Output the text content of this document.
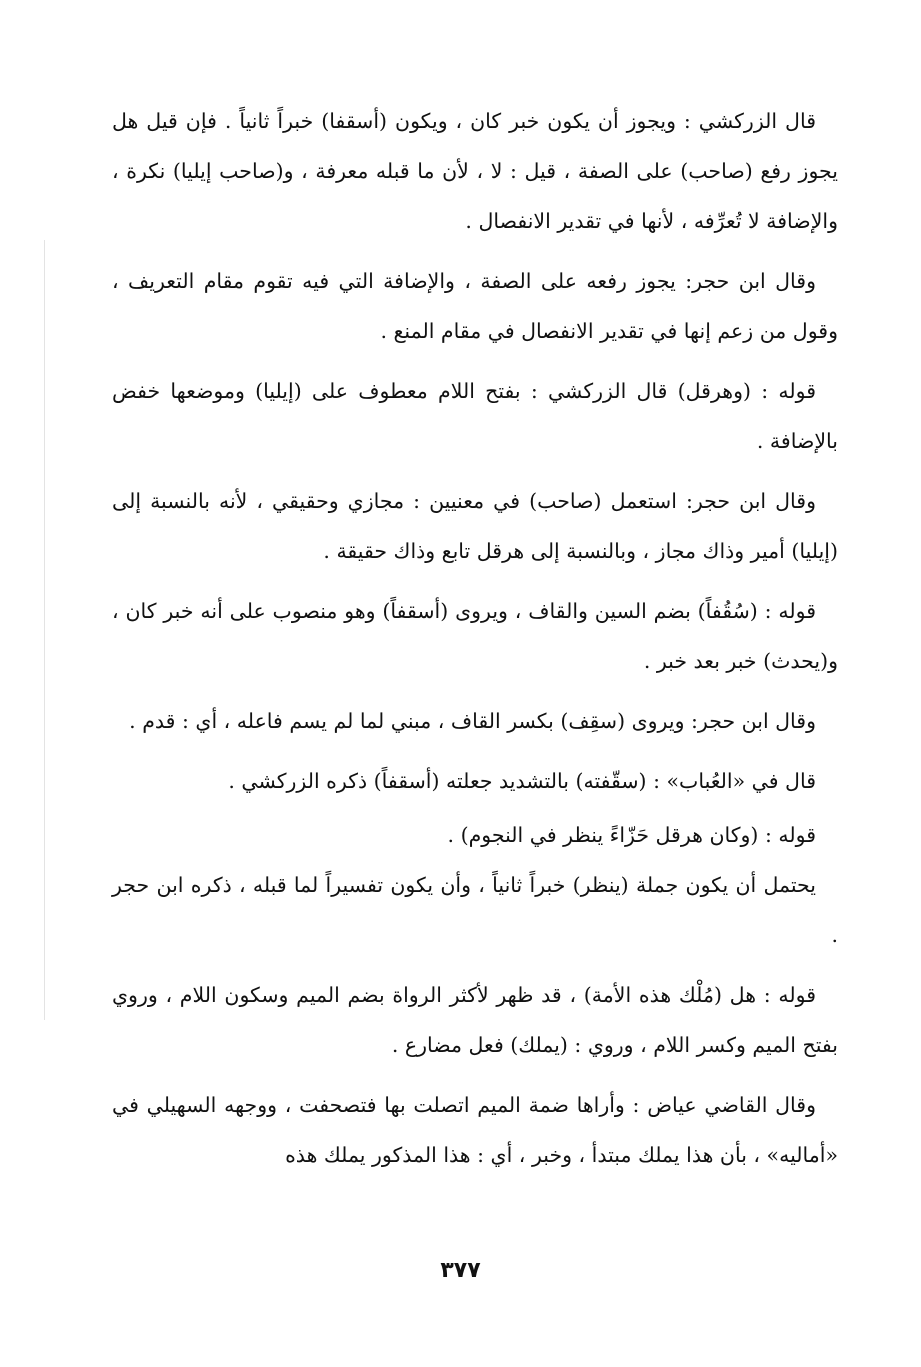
قال الزركشي : ويجوز أن يكون خبر كان ، ويكون (أسقفا) خبراً ثانياً . فإن قيل هل يجوز رفع (صاحب) على الصفة ، قيل : لا ، لأن ما قبله معرفة ، و(صاحب إيليا) نكرة ، والإضافة لا تُعرِّفه ، لأنها في تقدير الانفصال .

وقال ابن حجر: يجوز رفعه على الصفة ، والإضافة التي فيه تقوم مقام التعريف ، وقول من زعم إنها في تقدير الانفصال في مقام المنع .

قوله : (وهرقل) قال الزركشي : بفتح اللام معطوف على (إيليا) وموضعها خفض بالإضافة .

وقال ابن حجر: استعمل (صاحب) في معنيين : مجازي وحقيقي ، لأنه بالنسبة إلى (إيليا) أمير وذاك مجاز ، وبالنسبة إلى هرقل تابع وذاك حقيقة .

قوله : (سُقُفاً) بضم السين والقاف ، ويروى (أسقفاً) وهو منصوب على أنه خبر كان ، و(يحدث) خبر بعد خبر .

وقال ابن حجر: ويروى (سقِف) بكسر القاف ، مبني لما لم يسم فاعله ، أي : قدم .

قال في «العُباب» : (سقّفته) بالتشديد جعلته (أسقفاً) ذكره الزركشي .

قوله : (وكان هرقل حَزّاءً ينظر في النجوم) .

يحتمل أن يكون جملة (ينظر) خبراً ثانياً ، وأن يكون تفسيراً لما قبله ، ذكره ابن حجر .

قوله : هل (مُلْك هذه الأمة) ، قد ظهر لأكثر الرواة بضم الميم وسكون اللام ، وروي بفتح الميم وكسر اللام ، وروي : (يملك) فعل مضارع .

وقال القاضي عياض : وأراها ضمة الميم اتصلت بها فتصحفت ، ووجهه السهيلي في «أماليه» ، بأن هذا يملك مبتدأ ، وخبر ، أي : هذا المذكور يملك هذه

٣٧٧
